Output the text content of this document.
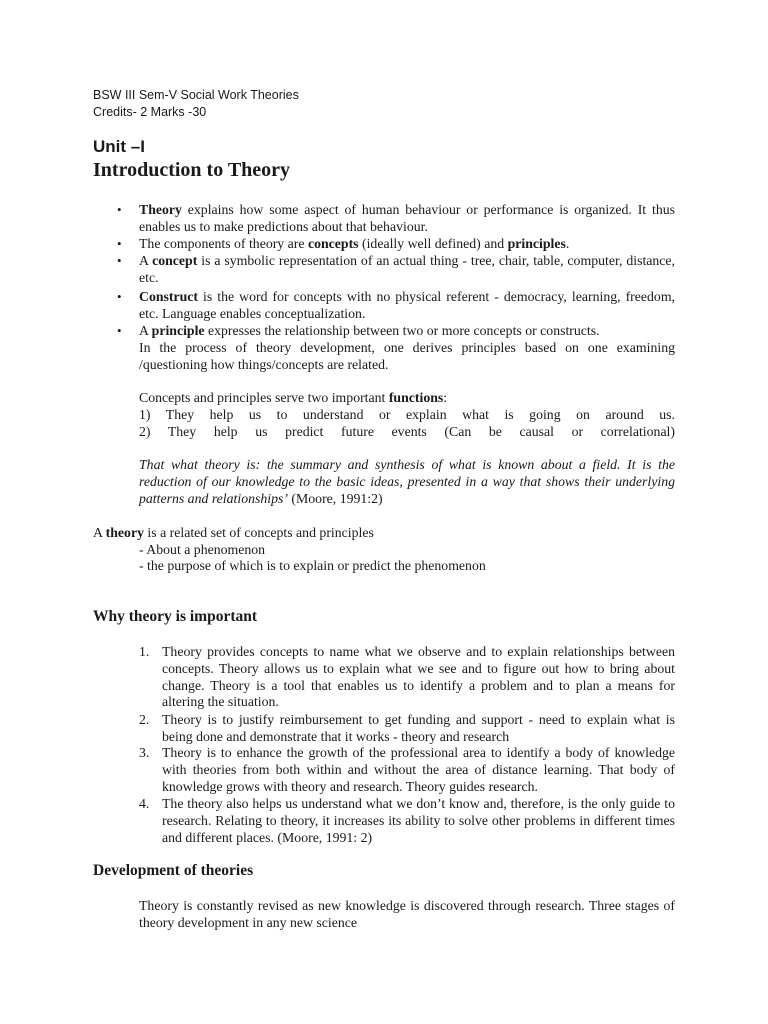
BSW III Sem-V Social Work Theories
Credits- 2 Marks -30
Unit –I
Introduction to Theory
• Theory explains how some aspect of human behaviour or performance is organized. It thus enables us to make predictions about that behaviour.
• The components of theory are concepts (ideally well defined) and principles.
• A concept is a symbolic representation of an actual thing - tree, chair, table, computer, distance, etc.
• Construct is the word for concepts with no physical referent - democracy, learning, freedom, etc. Language enables conceptualization.
• A principle expresses the relationship between two or more concepts or constructs.
In the process of theory development, one derives principles based on one examining /questioning how things/concepts are related.
Concepts and principles serve two important functions:
1) They help us to understand or explain what is going on around us.
2) They help us predict future events (Can be causal or correlational)
That what theory is: the summary and synthesis of what is known about a field. It is the reduction of our knowledge to the basic ideas, presented in a way that shows their underlying patterns and relationships’ (Moore, 1991:2)
A theory is a related set of concepts and principles
- About a phenomenon
- the purpose of which is to explain or predict the phenomenon
Why theory is important
1. Theory provides concepts to name what we observe and to explain relationships between concepts. Theory allows us to explain what we see and to figure out how to bring about change. Theory is a tool that enables us to identify a problem and to plan a means for altering the situation.
2. Theory is to justify reimbursement to get funding and support - need to explain what is being done and demonstrate that it works - theory and research
3. Theory is to enhance the growth of the professional area to identify a body of knowledge with theories from both within and without the area of distance learning. That body of knowledge grows with theory and research. Theory guides research.
4. The theory also helps us understand what we don’t know and, therefore, is the only guide to research. Relating to theory, it increases its ability to solve other problems in different times and different places. (Moore, 1991: 2)
Development of theories
Theory is constantly revised as new knowledge is discovered through research. Three stages of theory development in any new science
